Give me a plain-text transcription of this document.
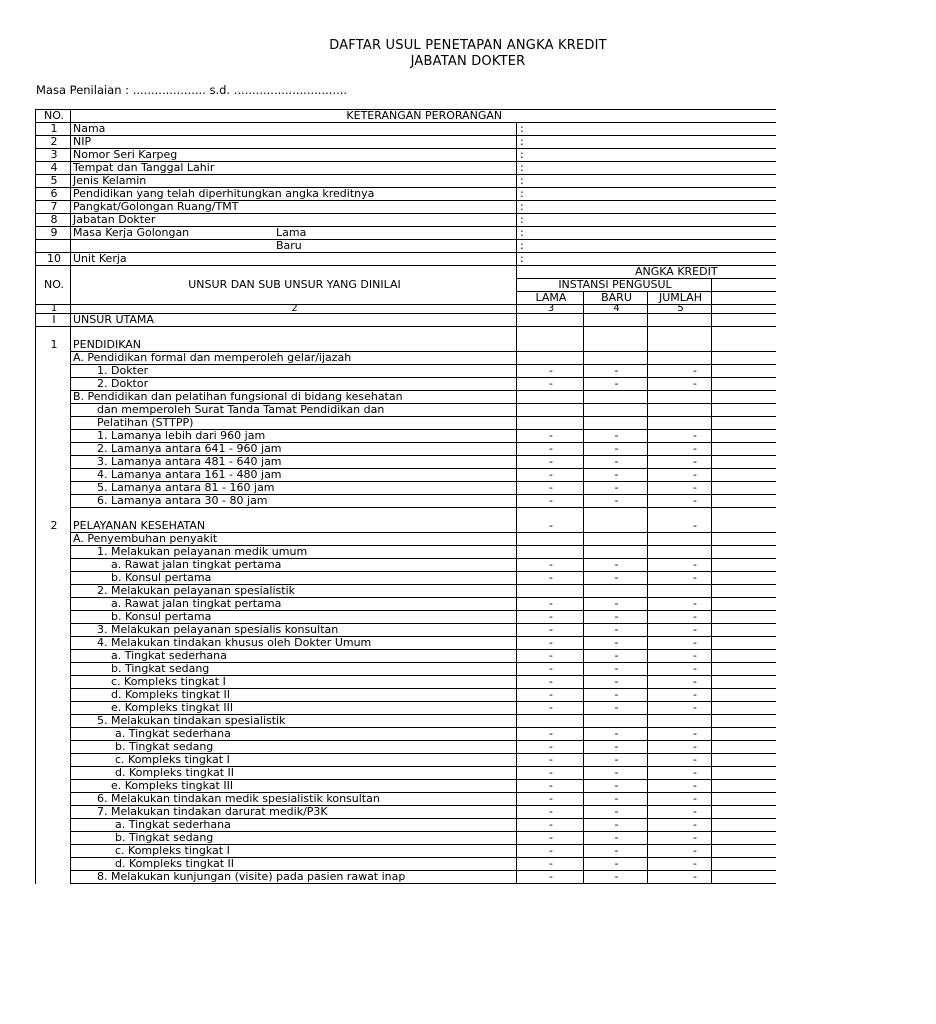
DAFTAR USUL PENETAPAN ANGKA KREDIT
JABATAN DOKTER
Masa Penilaian : .................... s.d. ...............................
NO.	KETERANGAN PERORANGAN				
1	Nama	:			
2	NIP	:			
3	Nomor Seri Karpeg	:			
4	Tempat dan Tanggal Lahir	:			
5	Jenis Kelamin	:			
6	Pendidikan yang telah diperhitungkan angka kreditnya	:			
7	Pangkat/Golongan Ruang/TMT	:			
8	Jabatan Dokter	:			
9	Masa Kerja Golongan Lama	:			

	Baru	:			
10	Unit Kerja	:			
NO.	UNSUR DAN SUB UNSUR YANG DINILAI	ANGKA KREDIT			
		INSTANSI PENGUSUL			
		LAMA	BARU	JUMLAH	
1	2	3	4	5	
I	UNSUR UTAMA				

1	PENDIDIKAN				
	A. Pendidikan formal dan memperoleh gelar/ijazah				
	1. Dokter	-	-	-	
	2. Doktor	-	-	-	
	B. Pendidikan dan pelatihan fungsional di bidang kesehatan				
	dan memperoleh Surat Tanda Tamat Pendidikan dan				
	Pelatihan (STTPP)				
	1. Lamanya lebih dari 960 jam	-	-	-	
	2. Lamanya antara 641 - 960 jam	-	-	-	
	3. Lamanya antara 481 - 640 jam	-	-	-	
	4. Lamanya antara 161 - 480 jam	-	-	-	
	5. Lamanya antara 81 - 160 jam	-	-	-	
	6. Lamanya antara 30 - 80 jam	-	-	-	

2	PELAYANAN KESEHATAN	-		-	
	A. Penyembuhan penyakit				
	1. Melakukan pelayanan medik umum				
	a. Rawat jalan tingkat pertama	-	-	-	
	b. Konsul pertama	-	-	-	
	2. Melakukan pelayanan spesialistik				
	a. Rawat jalan tingkat pertama	-	-	-	
	b. Konsul pertama	-	-	-	
	3. Melakukan pelayanan spesialis konsultan	-	-	-	
	4. Melakukan tindakan khusus oleh Dokter Umum	-	-	-	
	a. Tingkat sederhana	-	-	-	
	b. Tingkat sedang	-	-	-	
	c. Kompleks tingkat I	-	-	-	
	d. Kompleks tingkat II	-	-	-	
	e. Kompleks tingkat III	-	-	-	
	5. Melakukan tindakan spesialistik				
	a. Tingkat sederhana	-	-	-	
	b. Tingkat sedang	-	-	-	
	c. Kompleks tingkat I	-	-	-	
	d. Kompleks tingkat II	-	-	-	
	e. Kompleks tingkat III	-	-	-	
	6. Melakukan tindakan medik spesialistik konsultan	-	-	-	
	7. Melakukan tindakan darurat medik/P3K	-	-	-	
	a. Tingkat sederhana	-	-	-	
	b. Tingkat sedang	-	-	-	
	c. Kompleks tingkat I	-	-	-	
	d. Kompleks tingkat II	-	-	-	
	8. Melakukan kunjungan (visite) pada pasien rawat inap	-	-	-	
